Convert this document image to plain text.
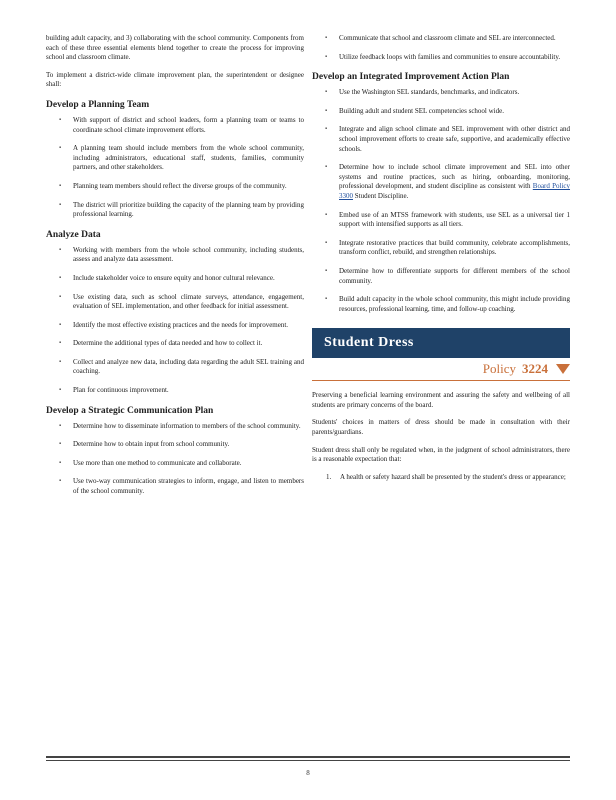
building adult capacity, and 3) collaborating with the school community. Components from each of these three essential elements blend together to create the process for improving school and classroom climate.

To implement a district-wide climate improvement plan, the superintendent or designee shall:

Develop a Planning Team
▪ With support of district and school leaders, form a planning team or teams to coordinate school climate improvement efforts.
▪ A planning team should include members from the whole school community, including administrators, educational staff, students, families, community partners, and other stakeholders.
▪ Planning team members should reflect the diverse groups of the community.
▪ The district will prioritize building the capacity of the planning team by providing professional learning.
Analyze Data
▪ Working with members from the whole school community, including students, assess and analyze data assessment.
▪ Include stakeholder voice to ensure equity and honor cultural relevance.
▪ Use existing data, such as school climate surveys, attendance, engagement, evaluation of SEL implementation, and other feedback for initial assessment.
▪ Identify the most effective existing practices and the needs for improvement.
▪ Determine the additional types of data needed and how to collect it.
▪ Collect and analyze new data, including data regarding the adult SEL training and coaching.
▪ Plan for continuous improvement.
Develop a Strategic Communication Plan
▪ Determine how to disseminate information to members of the school community.
▪ Determine how to obtain input from school community.
▪ Use more than one method to communicate and collaborate.
▪ Use two-way communication strategies to inform, engage, and listen to members of the school community.
▪ Communicate that school and classroom climate and SEL are interconnected.
▪ Utilize feedback loops with families and communities to ensure accountability.
Develop an Integrated Improvement Action Plan
▪ Use the Washington SEL standards, benchmarks, and indicators.
▪ Building adult and student SEL competencies school wide.
▪ Integrate and align school climate and SEL improvement with other district and school improvement efforts to create safe, supportive, and academically effective schools.
▪ Determine how to include school climate improvement and SEL into other systems and routine practices, such as hiring, onboarding, monitoring, professional development, and student discipline as consistent with Board Policy 3300 Student Discipline.
▪ Embed use of an MTSS framework with students, use SEL as a universal tier 1 support with intensified supports as all tiers.
▪ Integrate restorative practices that build community, celebrate accomplishments, transform conflict, rebuild, and strengthen relationships.
▪ Determine how to differentiate supports for different members of the school community.
▪ Build adult capacity in the whole school community, this might include providing resources, professional learning, time, and follow-up coaching.
Student Dress
Policy 3224

Preserving a beneficial learning environment and assuring the safety and wellbeing of all students are primary concerns of the board.

Students' choices in matters of dress should be made in consultation with their parents/guardians.

Student dress shall only be regulated when, in the judgment of school administrators, there is a reasonable expectation that:

1. A health or safety hazard shall be presented by the student's dress or appearance;
8
